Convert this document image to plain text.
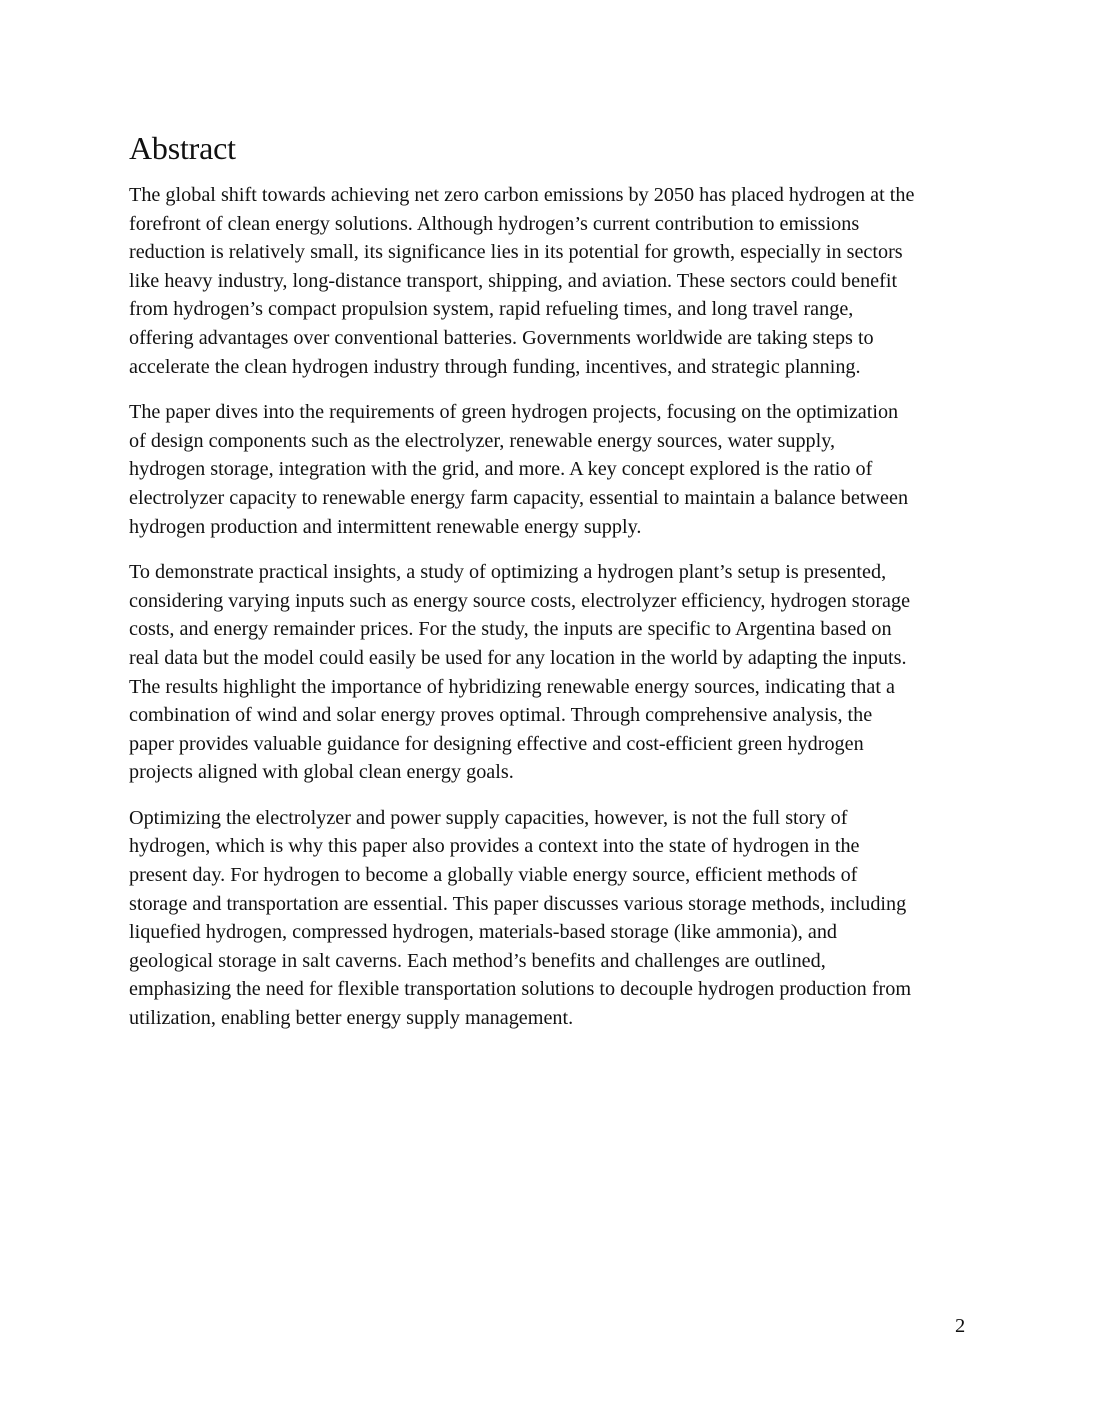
Abstract

The global shift towards achieving net zero carbon emissions by 2050 has placed hydrogen at the
forefront of clean energy solutions. Although hydrogen’s current contribution to emissions
reduction is relatively small, its significance lies in its potential for growth, especially in sectors
like heavy industry, long-distance transport, shipping, and aviation. These sectors could benefit
from hydrogen’s compact propulsion system, rapid refueling times, and long travel range,
offering advantages over conventional batteries. Governments worldwide are taking steps to
accelerate the clean hydrogen industry through funding, incentives, and strategic planning.

The paper dives into the requirements of green hydrogen projects, focusing on the optimization
of design components such as the electrolyzer, renewable energy sources, water supply,
hydrogen storage, integration with the grid, and more. A key concept explored is the ratio of
electrolyzer capacity to renewable energy farm capacity, essential to maintain a balance between
hydrogen production and intermittent renewable energy supply.

To demonstrate practical insights, a study of optimizing a hydrogen plant’s setup is presented,
considering varying inputs such as energy source costs, electrolyzer efficiency, hydrogen storage
costs, and energy remainder prices. For the study, the inputs are specific to Argentina based on
real data but the model could easily be used for any location in the world by adapting the inputs.
The results highlight the importance of hybridizing renewable energy sources, indicating that a
combination of wind and solar energy proves optimal. Through comprehensive analysis, the
paper provides valuable guidance for designing effective and cost-efficient green hydrogen
projects aligned with global clean energy goals.

Optimizing the electrolyzer and power supply capacities, however, is not the full story of
hydrogen, which is why this paper also provides a context into the state of hydrogen in the
present day. For hydrogen to become a globally viable energy source, efficient methods of
storage and transportation are essential. This paper discusses various storage methods, including
liquefied hydrogen, compressed hydrogen, materials-based storage (like ammonia), and
geological storage in salt caverns. Each method’s benefits and challenges are outlined,
emphasizing the need for flexible transportation solutions to decouple hydrogen production from
utilization, enabling better energy supply management.

2
